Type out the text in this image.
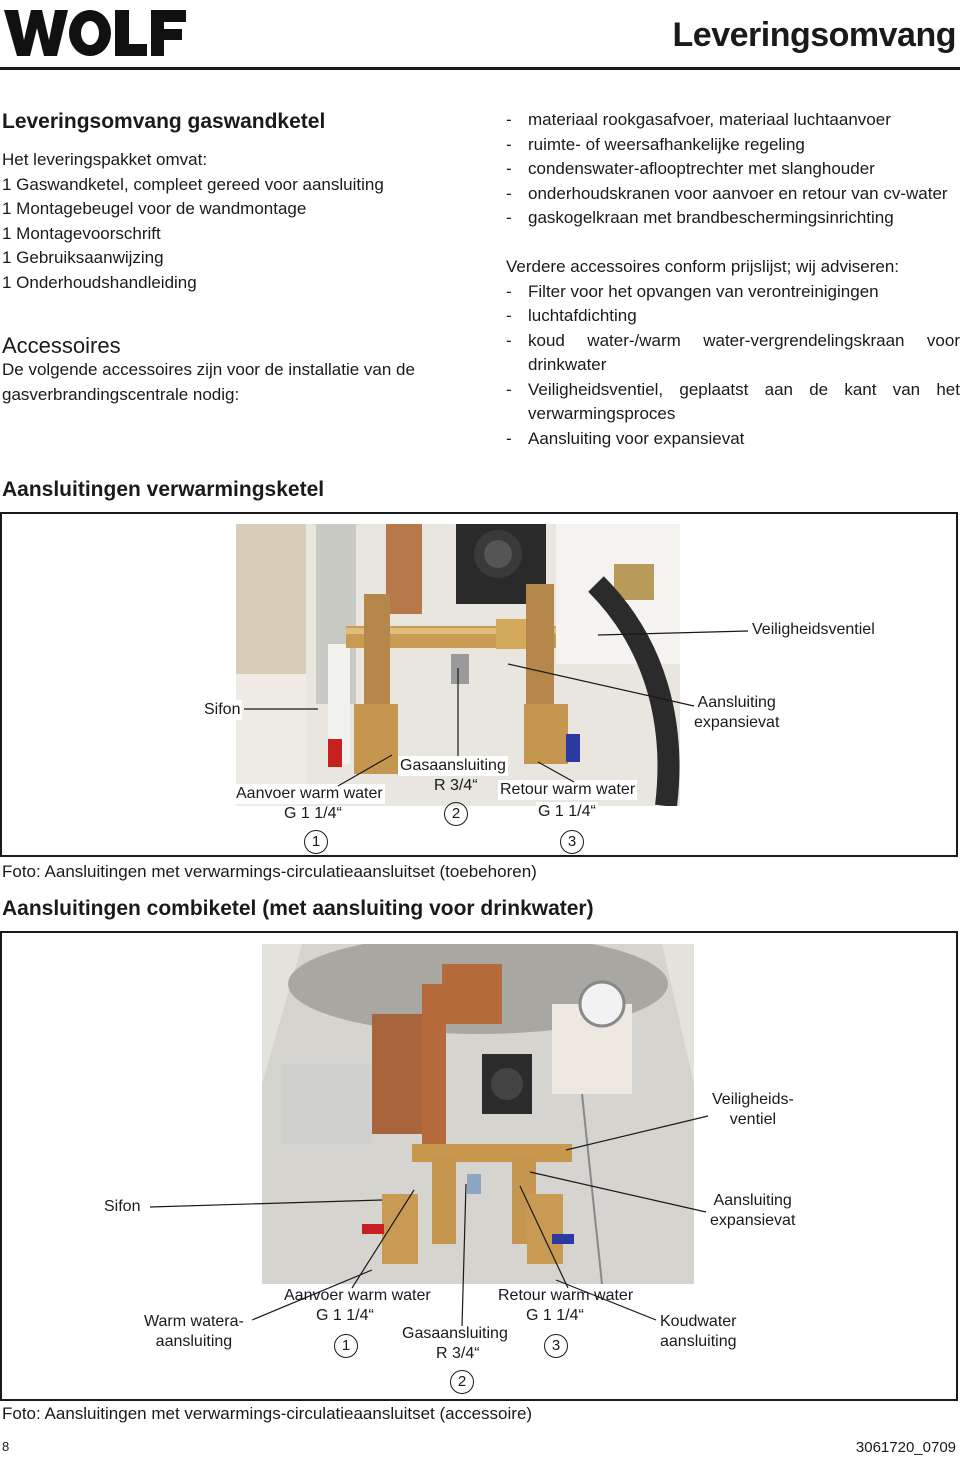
Leveringsomvang
Leveringsomvang gaswandketel
Het leveringspakket omvat:
1 Gaswandketel, compleet gereed voor aansluiting
1 Montagebeugel voor de wandmontage
1 Montagevoorschrift
1 Gebruiksaanwijzing
1 Onderhoudshandleiding
Accessoires
De volgende accessoires zijn voor de installatie van de
gasverbrandingscentrale nodig:
Aansluitingen verwarmingsketel
- materiaal rookgasafvoer, materiaal luchtaanvoer
- ruimte- of weersafhankelijke regeling
- condenswater-aflooptrechter met slanghouder
- onderhoudskranen voor aanvoer en retour van cv-water
- gaskogelkraan met brandbeschermingsinrichting
Verdere accessoires conform prijslijst; wij adviseren:
- Filter voor het opvangen van verontreinigingen
- luchtafdichting
- koud water-/warm water-vergrendelingskraan voor drinkwater
- Veiligheidsventiel, geplaatst aan de kant van het verwarmingsproces
- Aansluiting voor expansievat
Veiligheidsventiel
Sifon	Aansluiting
expansievat
Gasaansluiting
R 3/4“
Aanvoer warm water
G 1 1/4“
Retour warm water
G 1 1/4“
2
1	3
Foto: Aansluitingen met verwarmings-circulatieaansluitset (toebehoren)
Aansluitingen combiketel (met aansluiting voor drinkwater)
Veiligheids-
ventiel
Sifon	Aansluiting
expansievat
Warm watera-
aansluiting
Aanvoer warm water
G 1 1/4“
Retour warm water
G 1 1/4“
Gasaansluiting
R 3/4“
Koudwater
aansluiting
1	3
2
Foto: Aansluitingen met verwarmings-circulatieaansluitset (accessoire)
8	3061720_0709
